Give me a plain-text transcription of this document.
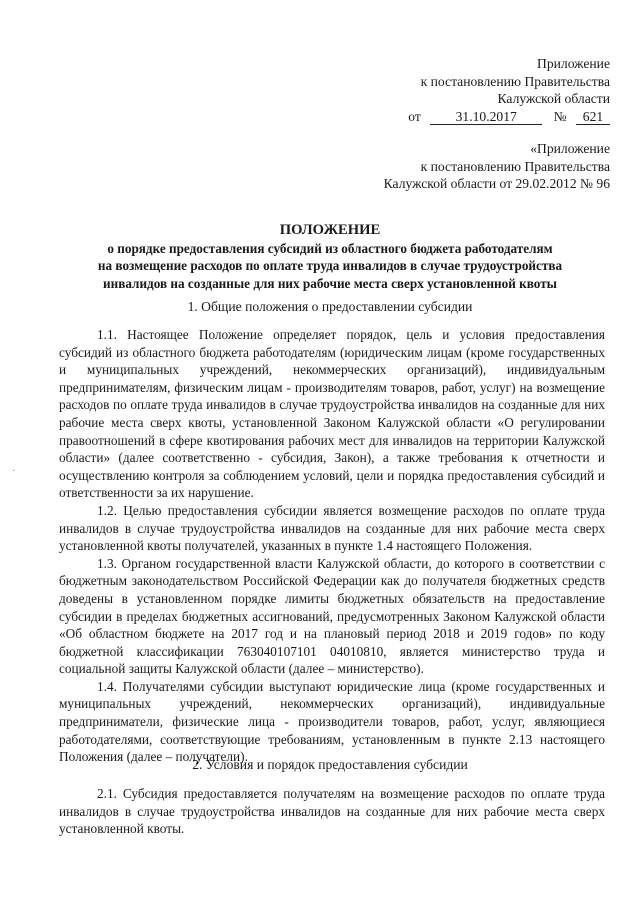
Приложение
к постановлению Правительства
Калужской области
от	31.10.2017	№ 621
«Приложение
к постановлению Правительства
Калужской области от 29.02.2012 № 96
ПОЛОЖЕНИЕ
о порядке предоставления субсидий из областного бюджета работодателям
на возмещение расходов по оплате труда инвалидов в случае трудоустройства
инвалидов на созданные для них рабочие места сверх установленной квоты
1. Общие положения о предоставлении субсидии

1.1. Настоящее Положение определяет порядок, цель и условия предоставления субсидий из областного бюджета работодателям (юридическим лицам (кроме государственных и муниципальных учреждений, некоммерческих организаций), индивидуальным предпринимателям, физическим лицам - производителям товаров, работ, услуг) на возмещение расходов по оплате труда инвалидов в случае трудоустройства инвалидов на созданные для них рабочие места сверх квоты, установленной Законом Калужской области «О регулировании правоотношений в сфере квотирования рабочих мест для инвалидов на территории Калужской области» (далее соответственно - субсидия, Закон), а также требования к отчетности и осуществлению контроля за соблюдением условий, цели и порядка предоставления субсидий и ответственности за их нарушение.

1.2. Целью предоставления субсидии является возмещение расходов по оплате труда инвалидов в случае трудоустройства инвалидов на созданные для них рабочие места сверх установленной квоты получателей, указанных в пункте 1.4 настоящего Положения.

1.3. Органом государственной власти Калужской области, до которого в соответствии с бюджетным законодательством Российской Федерации как до получателя бюджетных средств доведены в установленном порядке лимиты бюджетных обязательств на предоставление субсидии в пределах бюджетных ассигнований, предусмотренных Законом Калужской области «Об областном бюджете на 2017 год и на плановый период 2018 и 2019 годов» по коду бюджетной классификации 763040107101 04010810, является министерство труда и социальной защиты Калужской области (далее – министерство).

1.4. Получателями субсидии выступают юридические лица (кроме государственных и муниципальных учреждений, некоммерческих организаций), индивидуальные предприниматели, физические лица - производители товаров, работ, услуг, являющиеся работодателями, соответствующие требованиям, установленным в пункте 2.13 настоящего Положения (далее – получатели).

2. Условия и порядок предоставления субсидии

2.1. Субсидия предоставляется получателям на возмещение расходов по оплате труда инвалидов в случае трудоустройства инвалидов на созданные для них рабочие места сверх установленной квоты.

·
